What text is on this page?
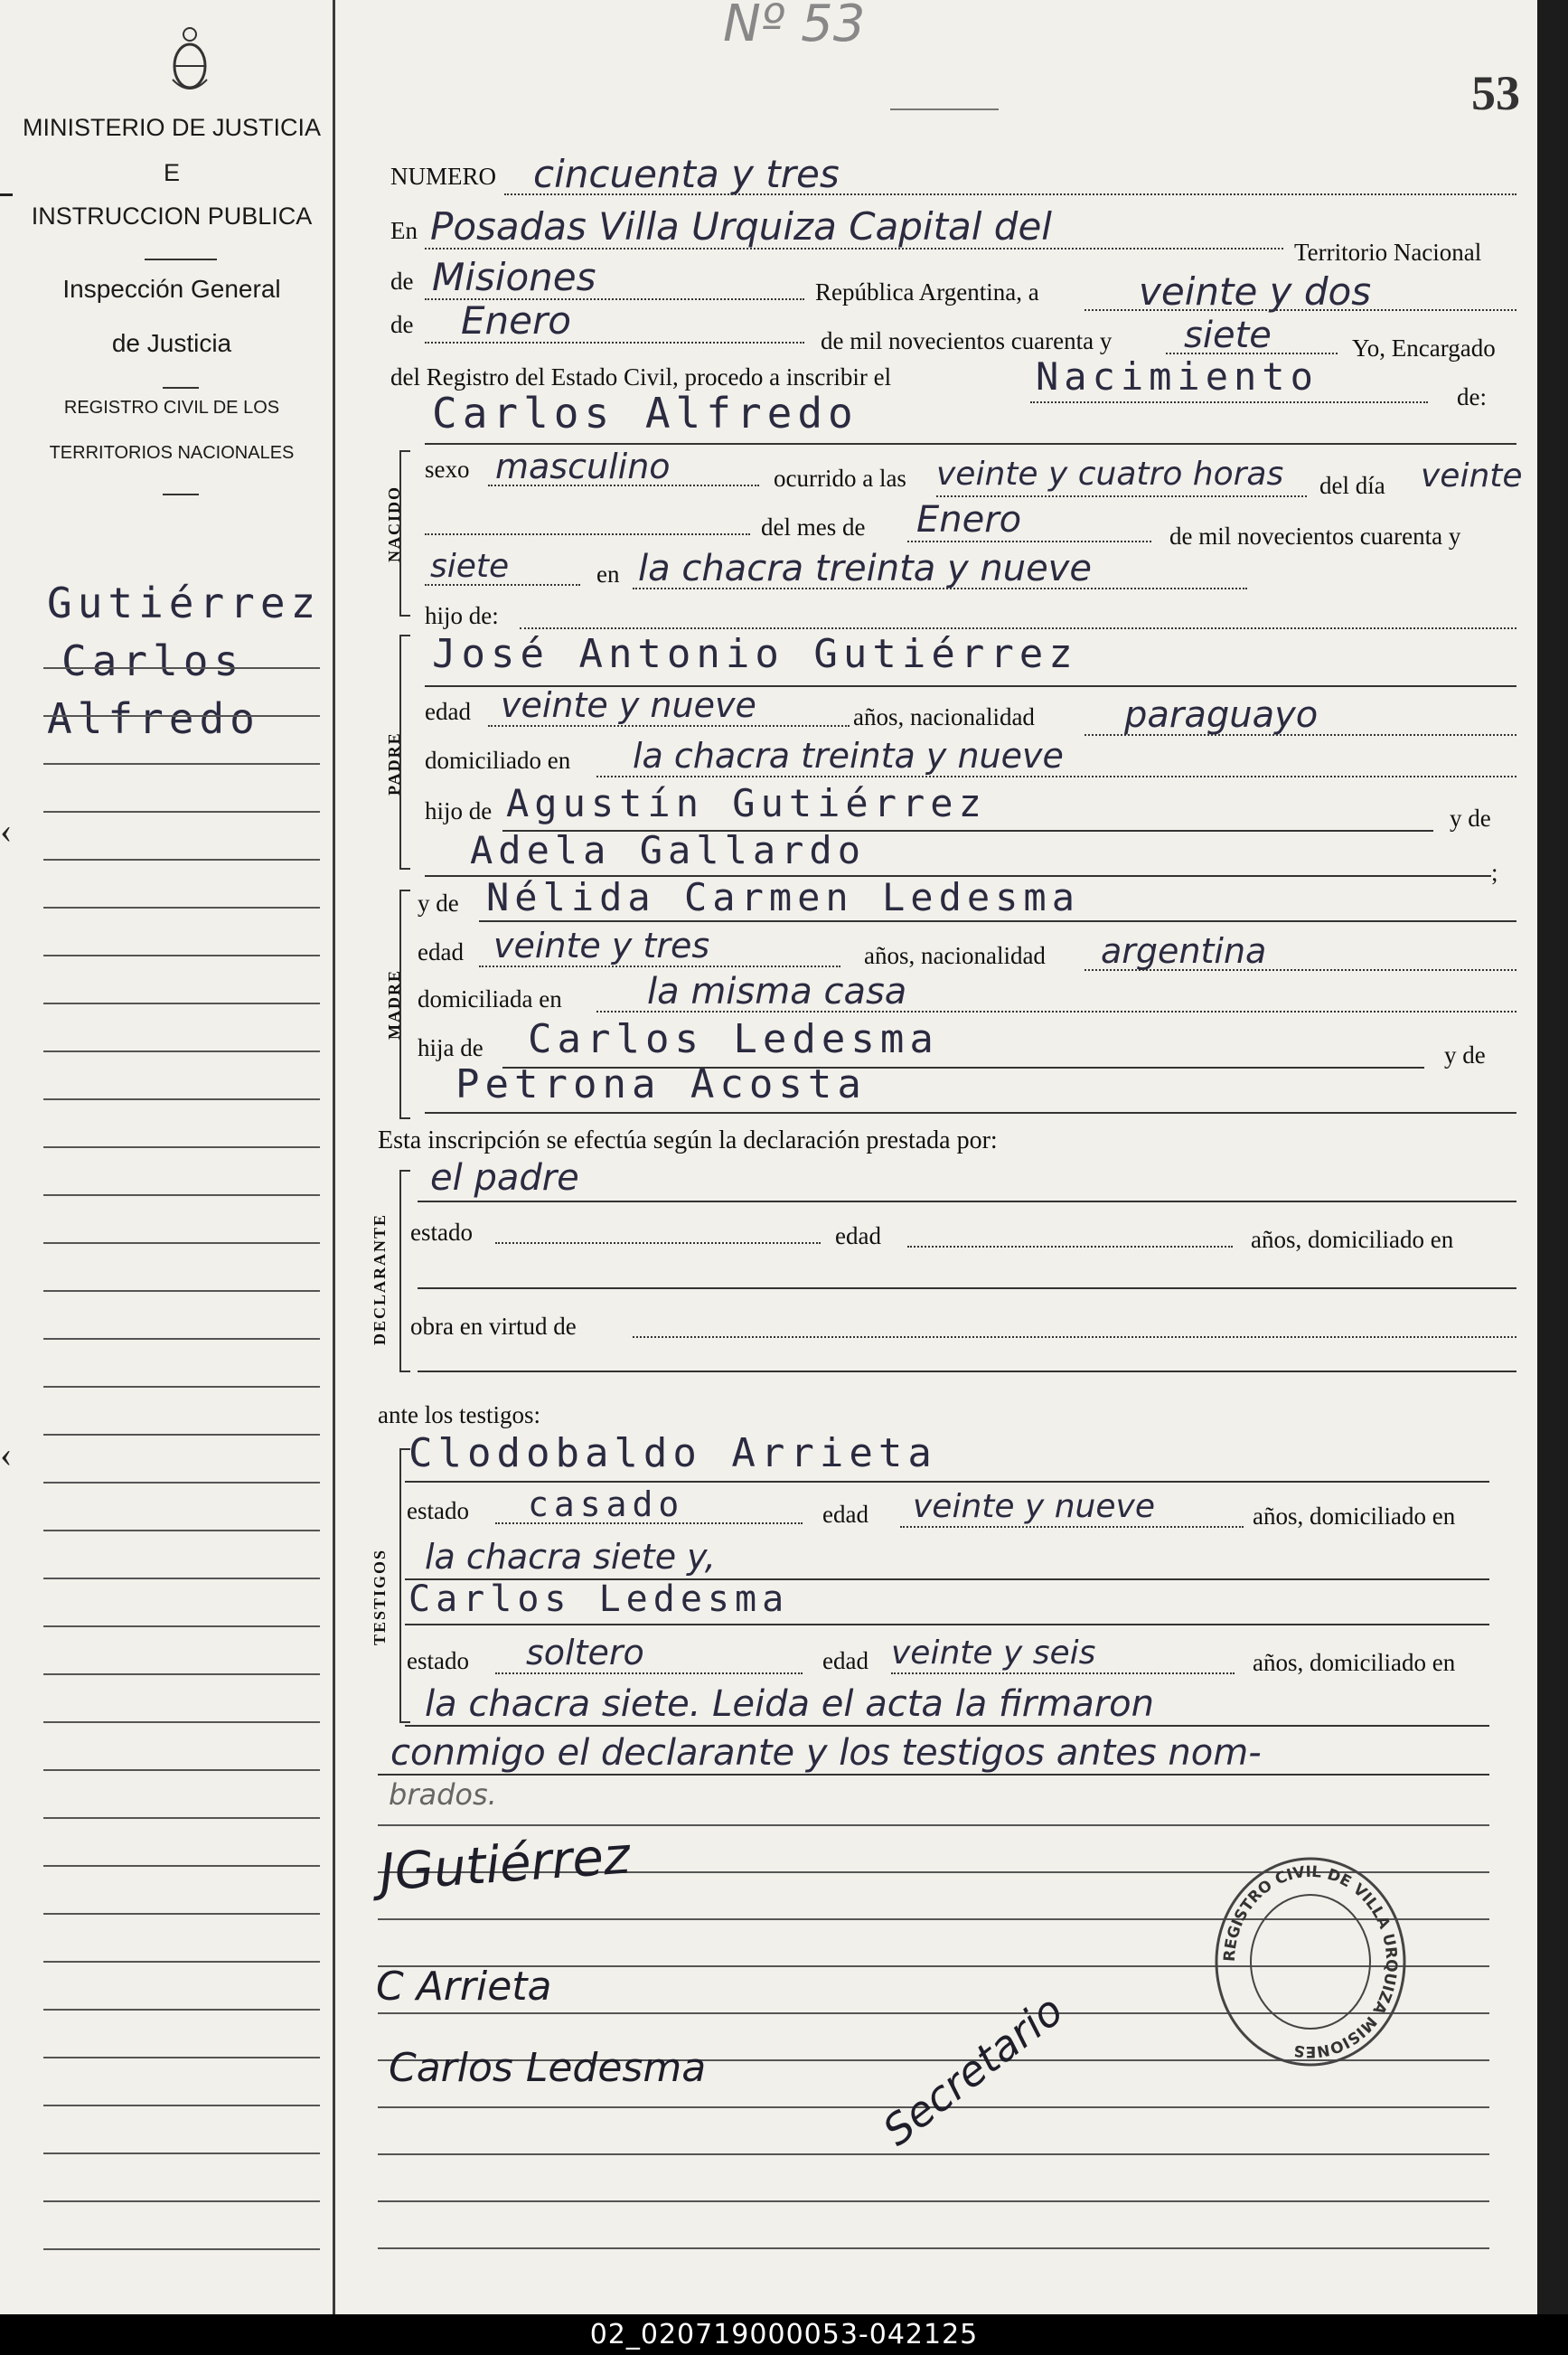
Nº 53
53
MINISTERIO DE JUSTICIA
E
INSTRUCCION PUBLICA
Inspección General
de Justicia
REGISTRO CIVIL DE LOS
TERRITORIOS NACIONALES
Gutiérrez
Carlos
Alfredo
‹
‹
NUMERO cincuenta y tres
En Posadas Villa Urquiza Capital del
Territorio Nacional
de Misiones	República Argentina, a	veinte y dos
de Enero	de mil novecientos cuarenta y siete	Yo, Encargado
del Registro del Estado Civil, procedo a inscribir el	Nacimiento	de:
Carlos Alfredo
NACIDO
sexo masculino	ocurrido a las veinte y cuatro horas del día veinte
del mes de Enero	de mil novecientos cuarenta y
siete	en la chacra treinta y nueve
hijo de:
PADRE
José Antonio Gutiérrez
edad veinte y nueve	años, nacionalidad paraguayo
domiciliado en la chacra treinta y nueve
hijo de Agustín Gutiérrez	y de
Adela Gallardo	;
MADRE
y de Nélida Carmen Ledesma
edad veinte y tres	años, nacionalidad argentina
domiciliada en la misma casa
hija de Carlos Ledesma	y de
Petrona Acosta
Esta inscripción se efectúa según la declaración prestada por:
DECLARANTE
el padre
estado	edad	años, domiciliado en
obra en virtud de
ante los testigos:
TESTIGOS
Clodobaldo Arrieta
estado casado	edad veinte y nueve	años, domiciliado en
la chacra siete y,
Carlos Ledesma
estado soltero	edad veinte y seis	años, domiciliado en
la chacra siete. Leida el acta la firmaron
conmigo el declarante y los testigos antes nom-
brados.
JGutiérrez
C Arrieta
Carlos Ledesma	Secretario
REGISTRO CIVIL DE VILLA URQUIZA MISIONES
02_020719000053-042125
